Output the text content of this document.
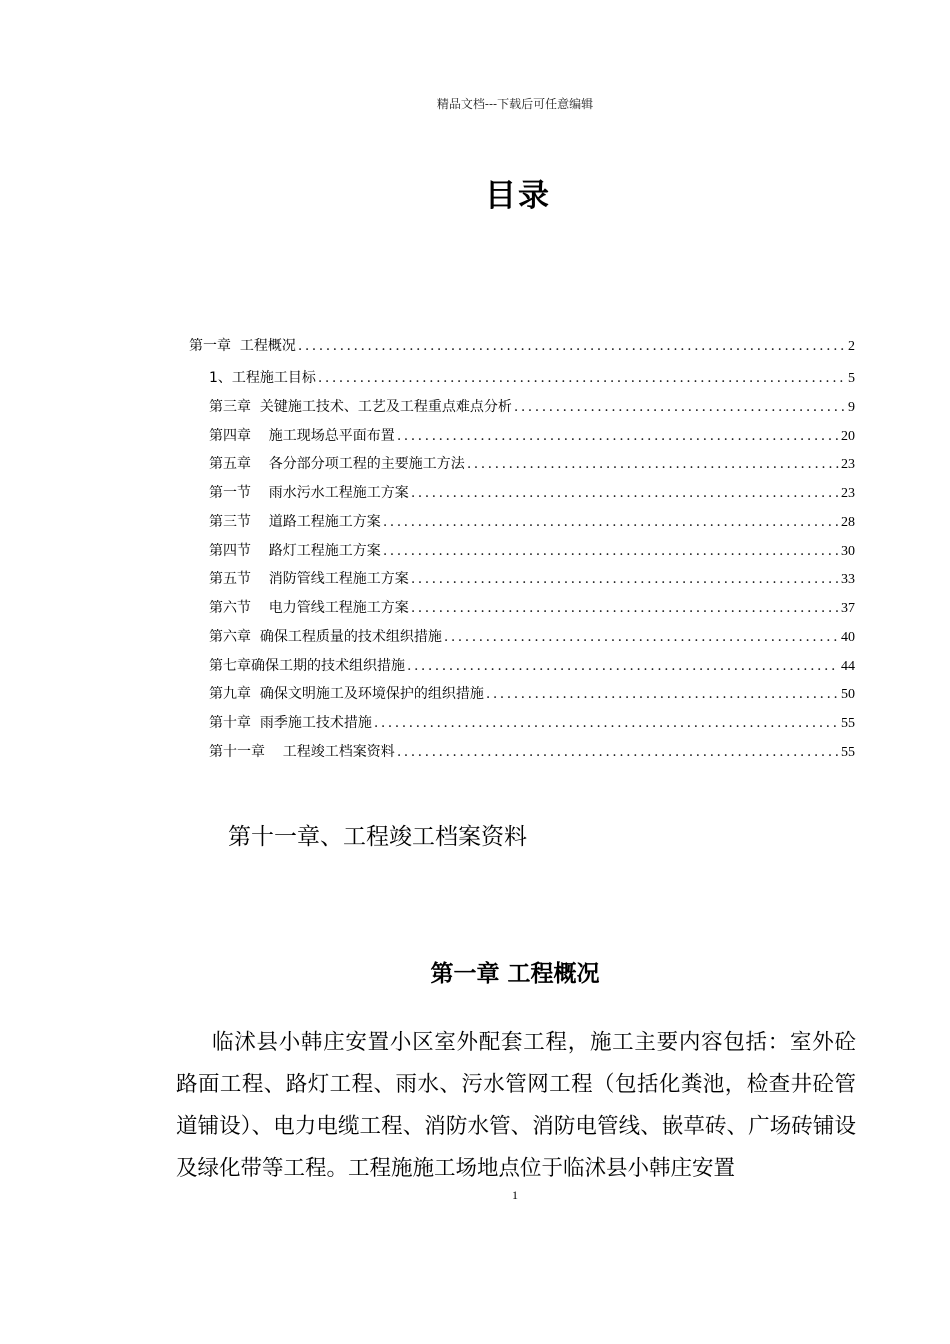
精品文档---下载后可任意编辑
目录
第一章  工程概况 .....	2
1、工程施工目标 .....	5
第三章  关键施工技术、工艺及工程重点难点分析 .....	9
第四章    施工现场总平面布置 .....	20
第五章    各分部分项工程的主要施工方法 .....	23
第一节    雨水污水工程施工方案 .....	23
第三节    道路工程施工方案 .....	28
第四节    路灯工程施工方案 .....	30
第五节    消防管线工程施工方案 .....	33
第六节    电力管线工程施工方案 .....	37
第六章  确保工程质量的技术组织措施 .....	40
第七章确保工期的技术组织措施 .....	44
第九章  确保文明施工及环境保护的组织措施 .....	50
第十章  雨季施工技术措施 .....	55
第十一章    工程竣工档案资料 .....	55
第十一章、工程竣工档案资料
第一章 工程概况

临沭县小韩庄安置小区室外配套工程，施工主要内容包括：室外砼路面工程、路灯工程、雨水、污水管网工程（包括化粪池，检查井砼管道铺设）、电力电缆工程、消防水管、消防电管线、嵌草砖、广场砖铺设及绿化带等工程。工程施施工场地点位于临沭县小韩庄安置

1
